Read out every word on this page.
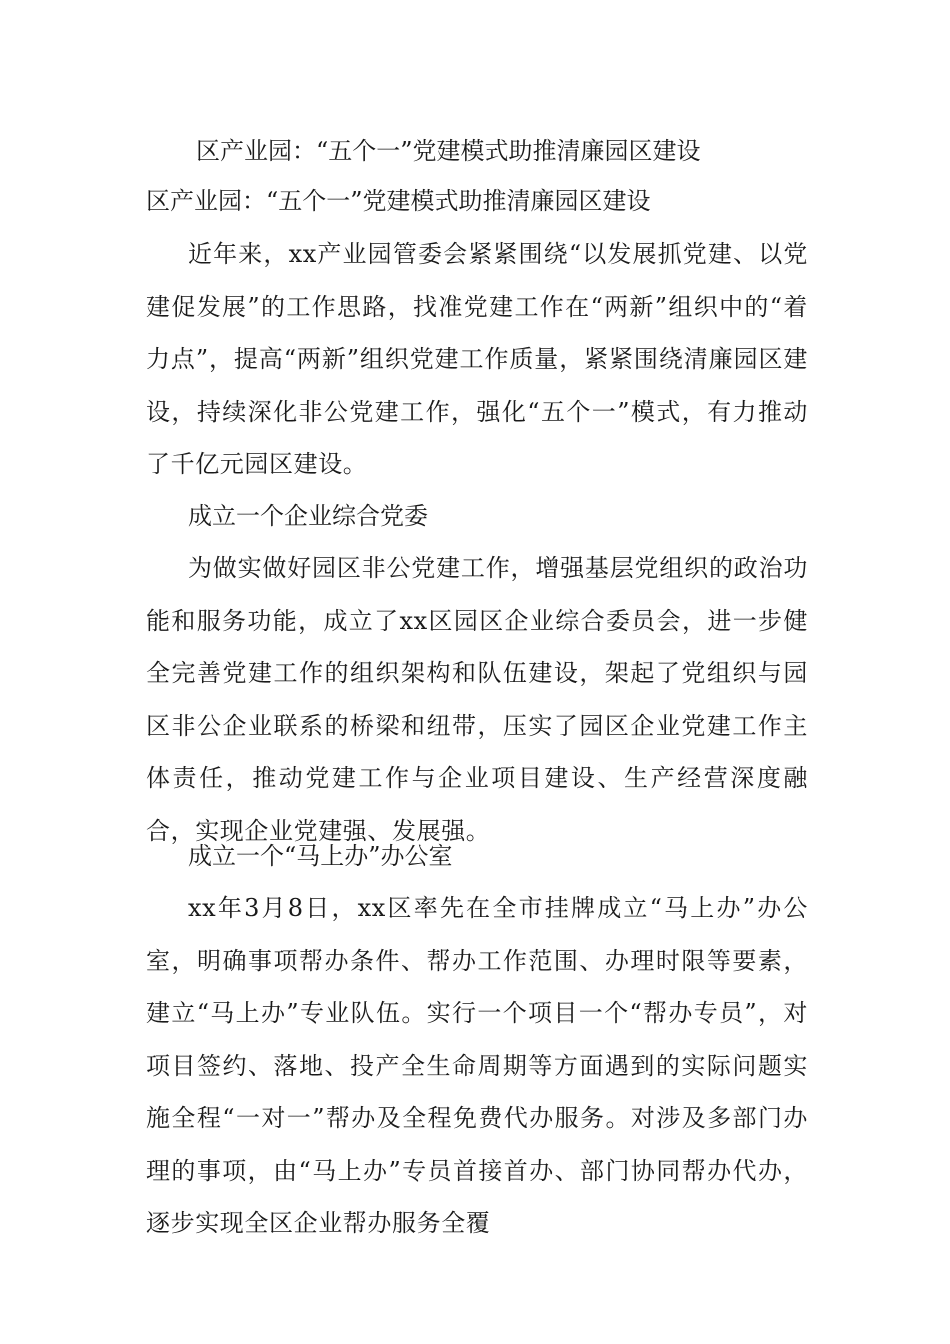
区产业园：“五个一”党建模式助推清廉园区建设
区产业园：“五个一”党建模式助推清廉园区建设

近年来，xx产业园管委会紧紧围绕“以发展抓党建、以党建促发展”的工作思路，找准党建工作在“两新”组织中的“着力点”，提高“两新”组织党建工作质量，紧紧围绕清廉园区建设，持续深化非公党建工作，强化“五个一”模式，有力推动了千亿元园区建设。

成立一个企业综合党委

为做实做好园区非公党建工作，增强基层党组织的政治功能和服务功能，成立了xx区园区企业综合委员会，进一步健全完善党建工作的组织架构和队伍建设，架起了党组织与园区非公企业联系的桥梁和纽带，压实了园区企业党建工作主体责任，推动党建工作与企业项目建设、生产经营深度融合，实现企业党建强、发展强。

成立一个“马上办”办公室

xx年3月8日，xx区率先在全市挂牌成立“马上办”办公室，明确事项帮办条件、帮办工作范围、办理时限等要素，建立“马上办”专业队伍。实行一个项目一个“帮办专员”，对项目签约、落地、投产全生命周期等方面遇到的实际问题实施全程“一对一”帮办及全程免费代办服务。对涉及多部门办理的事项，由“马上办”专员首接首办、部门协同帮办代办，逐步实现全区企业帮办服务全覆
